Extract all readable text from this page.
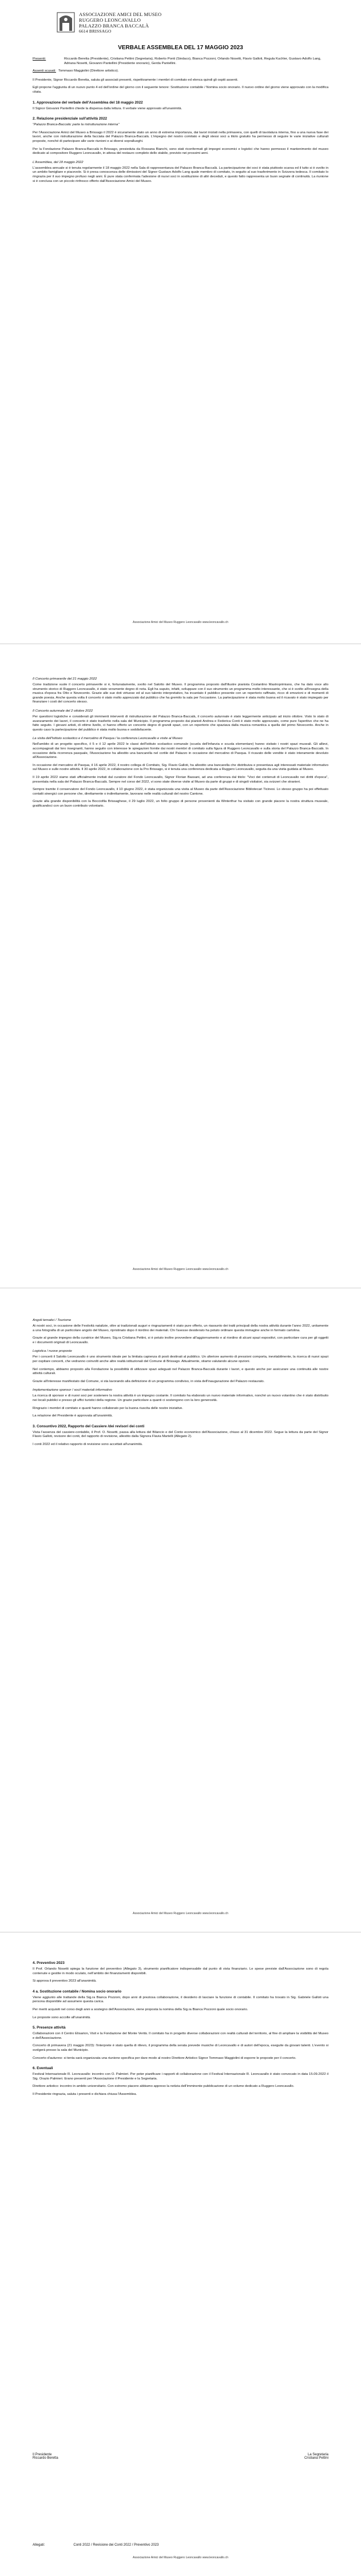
ASSOCIAZIONE AMICI DEL MUSEO
RUGGERO LEONCAVALLO
PALAZZO BRANCA BACCALÀ
6614 BRISSAGO
VERBALE ASSEMBLEA DEL 17 MAGGIO 2023
Presenti:	Riccardo Beretta (Presidente), Cristiana Pettini (Segretaria), Roberto Ponti (Sindaco), Bianca Pozzoni, Orlando Nosetti, Flavio Galloti, Regula Kuchler, Gustavo Adolfo Lang, Adriana Nosetti, Giovanni Pantellini (Presidente onorario), Gerda Pantellini.
Assenti scusati: Tommaso Maggiolini (Direttore artistico).

Il Presidente, Signor Riccardo Beretta, saluta gli associati presenti, rispettivamente i membri di comitato ed elenca quindi gli ospiti assenti.

Egli propone l'aggiunta di un nuovo punto 4 ed dell'ordine del giorno con il seguente tenore: Sostituzione contabile / Nomina socio onorario. Il nuovo ordine del giorno viene approvato con la modifica citata.

1. Approvazione del verbale dell'Assemblea del 18 maggio 2022

Il Signor Giovanni Pantellini chiede la dispensa dalla lettura. Il verbale viene approvato all'unanimità.

2. Relazione presidenziale sull'attività 2022

"Palazzo Branca-Baccalà: parte la ristrutturazione interna"

Per l'Associazione Amici del Museo a Brissago il 2022 è sicuramente stato un anno di estrema importanza, dai lavori iniziati nella primavera, con quelli di tavolatura interna, fino a una nuova fase dei lavori, anche con ristrutturazione della facciata del Palazzo Branca-Baccalà. L'impegno del nostro comitato e degli stessi soci a titolo gratuito ha permesso di seguire le varie iniziative culturali proposte, nonché di partecipare alle varie riunioni e ai diversi sopralluoghi.

Per la Fondazione Palazzo Branca-Baccalà in Brissago, presieduta da Rossana Bianchi, sono stati riconfermati gli impegni economici e logistici che hanno permesso il mantenimento del museo dedicato al compositore Ruggero Leoncavallo, in attesa del restauro completo dello stabile, previsto nei prossimi anni.

L'Assemblea, del 18 maggio 2022

L'assemblea annuale si è tenuta regolarmente il 18 maggio 2022 nella Sala di rappresentanza del Palazzo Branca-Baccalà. La partecipazione dei soci è stata piuttosto scarsa ed il tutto si è svolto in un ambito famigliare e piacevole. Si è presa conoscenza delle dimissioni del Signor Gustavo Adolfo Lang quale membro di comitato, in seguito al suo trasferimento in Svizzera tedesca. Il comitato lo ringrazia per il suo impegno profuso negli anni. È pure stata confermata l'adesione di nuovi soci in sostituzione di altri deceduti, e questo fatto rappresenta un buon segnale di continuità. La riunione si è conclusa con un piccolo rinfresco offerto dall'Associazione Amici del Museo.

Associazione Amici del Museo Ruggero Leoncavallo www.leoncavallo.ch
Il Concerto primaverile del 21 maggio 2022

Come tradizione vuole il concerto primaverile si è, fortunatamente, svolto nel Salotto del Museo. Il programma proposto dall'illustre pianista Costantino Mastroprimiano, che ha dato voce allo strumento storico di Ruggero Leoncavallo, è stato veramente degno di nota. Egli ha saputo, infatti, sviluppare con il suo strumento un programma molto interessante, che si è svolto all'insegna della musica d'epoca fra Otto e Novecento. Grazie alle sue doti virtuose ed al suo talento interpretativo, ha incantato il pubblico presente con un repertorio raffinato, ricco di emozioni e di momenti di grande poesia. Anche questa volta il concerto è stato molto apprezzato dal pubblico che ha gremito la sala per l'occasione. La partecipazione è stata molto buona ed il ricavato è stato impiegato per finanziare i costi del concerto stesso.

Il Concerto autunnale del 2 ottobre 2022

Per questioni logistiche e considerati gli imminenti interventi di ristrutturazione del Palazzo Branca-Baccalà, il concerto autunnale è stato leggermente anticipato ad inizio ottobre. Visto lo stato di avanzamento dei lavori, il concerto è stato trasferito nella sala del Municipio. Il programma proposto dai pianisti Andrea e Federica Conti è stato molto apprezzato, come pure l'aperitivo che ne ha fatto seguito. I giovani artisti, di ottimo livello, ci hanno offerto un concerto degno di grandi spazi, con un repertorio che spaziava dalla musica romantica a quella del primo Novecento. Anche in questo caso la partecipazione del pubblico è stata molto buona e soddisfacente.

La visita dell'Istituto scolastico e il mercatino di Pasqua / la conferenza Leoncavallo e visite al Museo

Nell'ambito di un progetto specifico, il 5 e il 12 aprile 2022 le classi dell'Istituto scolastico comunale (scuola dell'infanzia e scuola elementare) hanno visitato i nostri spazi museali. Gli allievi, accompagnati dai loro insegnanti, hanno seguito con interesse le spiegazioni fornite dai nostri membri di comitato sulla figura di Ruggero Leoncavallo e sulla storia del Palazzo Branca-Baccalà. In occasione della ricorrenza pasquale, l'Associazione ha allestito una bancarella nel cortile del Palazzo in occasione del mercatino di Pasqua. Il ricavato delle vendite è stato interamente devoluto all'Associazione.

In occasione del mercatino di Pasqua, il 16 aprile 2022, il nostro collega di Comitato, Sig. Flavio Galloti, ha allestito una bancarella che distribuiva e presentava agli interessati materiale informativo sul Museo e sulle nostre attività. Il 30 aprile 2022, in collaborazione con la Pro Brissago, si è tenuta una conferenza dedicata a Ruggero Leoncavallo, seguita da una visita guidata al Museo.

Il 19 aprile 2022 siamo stati ufficialmente invitati dal curatore del Fondo Leoncavallo, Signor Florian Bassani, ad una conferenza dal titolo: "Voci dei contenuti di Leoncavallo nei diritti d'epoca", presentata nella sala del Palazzo Branca-Baccalà. Sempre nel corso del 2022, vi sono state diverse visite al Museo da parte di gruppi e di singoli visitatori, sia svizzeri che stranieri.

Sempre tramite il conservatore del Fondo Leoncavallo, il 10 giugno 2022, è stata organizzata una visita al Museo da parte dell'Associazione Bibliotecari Ticinesi. Lo stesso gruppo ha poi effettuato contatti sinergici con persone che, direttamente o indirettamente, lavorano nelle realtà culturali del nostro Cantone.

Grazie alla grande disponibilità con la Bocciofila Brissaghese, il 29 luglio 2022, un folto gruppo di persone provenienti da Winterthur ha visitato con grande piacere la nostra struttura museale, gratificandoci con un buon contributo volontario.

Associazione Amici del Museo Ruggero Leoncavallo www.leoncavallo.ch
Angoli tematici / Tourisme

Ai nostri soci, in occasione delle Festività natalizie, oltre ai tradizionali auguri e ringraziamenti è stato pure offerto, un riassunto dei tratti principali della nostra attività durante l'anno 2022, unitamente a una fotografia di un particolare angolo del Museo, ripristinato dopo il riordino dei materiali. Chi l'avesse desiderato ha potuto ordinare questa immagine anche in formato cartolina.

Grazie al grande impegno della curatrice del Museo, Sig.ra Cristiana Pettini, si è potuto inoltre provvedere all'aggiornamento e al riordino di alcuni spazi espositivi, con particolare cura per gli oggetti e i documenti originali di Leoncavallo.

Logistica / nuove proposte

Per i concerti il Salotto Leoncavallo è uno strumento ideale per la limitata capienza di posti destinati al pubblico. Un ulteriore aumento di pressioni comporta, inevitabilmente, la ricerca di nuovi spazi per ospitare concerti, che vedranno coinvolti anche altre realtà istituzionali del Comune di Brissago. Attualmente, stiamo valutando alcune opzioni.

Nel contempo, abbiamo proposto alla Fondazione la possibilità di utilizzare spazi adeguati nel Palazzo Branca-Baccalà durante i lavori, e questo anche per assicurare una continuità alle nostre attività culturali.

Grazie all'interesse manifestato dal Comune, si sta lavorando alla definizione di un programma condiviso, in vista dell'inaugurazione del Palazzo restaurato.

Implementazione sponsor / soci/ materiali informativo

La ricerca di sponsor e di nuovi soci per sostenere la nostra attività è un impegno costante. Il comitato ha elaborato un nuovo materiale informativo, nonché un nuovo volantino che è stato distribuito nei locali pubblici e presso gli uffici turistici della regione. Un grazie particolare a quanti ci sostengono con la loro generosità.

Ringrazio i membri di comitato e quanti hanno collaborato per la buona riuscita delle nostre iniziative.

La relazione del Presidente è approvata all'unanimità.

3. Consuntivo 2022, Rapporto del Cassiere /dei revisori dei conti

Vista l'assenza del cassiere-contabile, il Prof. O. Nosetti, passa alla lettura del Bilancio e del Conto economico dell'Associazione, chiuso al 31 dicembre 2022. Segue la lettura da parte del Signor Flavio Galloti, revisore dei conti, del rapporto di revisione, allestito dalla Signora Flavia Martelli (Allegato 2).

I conti 2022 ed il relativo rapporto di revisione sono accettati all'unanimità.

Associazione Amici del Museo Ruggero Leoncavallo www.leoncavallo.ch
4. Preventivo 2023

Il Prof. Orlando Nosetti spiega la funzione del preventivo (Allegato 3), strumento pianificatore indispensabile dal punto di vista finanziario. Le spese previste dall'Associazione sono di regola contenute e gestite in modo oculato, nell'ambito dei finanziamenti disponibili.

Si approva il preventivo 2023 all'unanimità.

4 a. Sostituzione contabile / Nomina socio onorario

Viene aggiunto alle trattande della Sig.ra Bianca Pozzoni, dopo anni di preziosa collaborazione, il desiderio di lasciare la funzione di contabile. Il comitato ha trovato in Sig. Gabriele Galloti una persona disponibile ad assumere questa carica.

Per meriti acquisiti nel corso degli anni a sostegno dell'Associazione, viene proposta la nomina della Sig.ra Bianca Pozzoni quale socio onorario.

Le proposte sono accolte all'unanimità.

5. Presenze attività

Collaborazioni con il Centro Elisarion, Visit e la Fondazione del Monte Verità. Il comitato ha in progetto diverse collaborazioni con realtà culturali del territorio, al fine di ampliare la visibilità del Museo e dell'Associazione.

Concerto di primavera (21 maggio 2023): l'interprete è stato quella di rilievo, il programma della serata prevede musiche di Leoncavallo e di autori dell'epoca, eseguite da giovani talenti. L'evento si svolgerà presso la sala del Municipio.

Concerto d'autunno: si tenta sarà organizzata una riunione specifica per dare modo al nostro Direttore Artistico Signor Tommaso Maggiolini di esporre le proposte per il concerto.

6. Eventuali

Festival Internazionale R. Leoncavallo: incontro con O. Palmieri. Per poter pianificare i rapporti di collaborazione con il Festival Internazionale R. Leoncavallo è stato convocato in data 15.09.2022 il Sig. Orazio Palmieri. Erano presenti per l'Associazione il Presidente e la Segretaria.

Direttore artistico: incontro in ambito universitario. Con estremo piacere abbiamo appreso la notizia dell'imminente pubblicazione di un volume dedicato a Ruggero Leoncavallo.

Il Presidente ringrazia, saluta i presenti e dichiara chiusa l'Assemblea.

Il Presidente
Riccardo Beretta
La Segretaria
Cristiana Pettini
Allegati:	Conti 2022 / Revisione dei Conti 2022 / Preventivo 2023
Associazione Amici del Museo Ruggero Leoncavallo www.leoncavallo.ch
